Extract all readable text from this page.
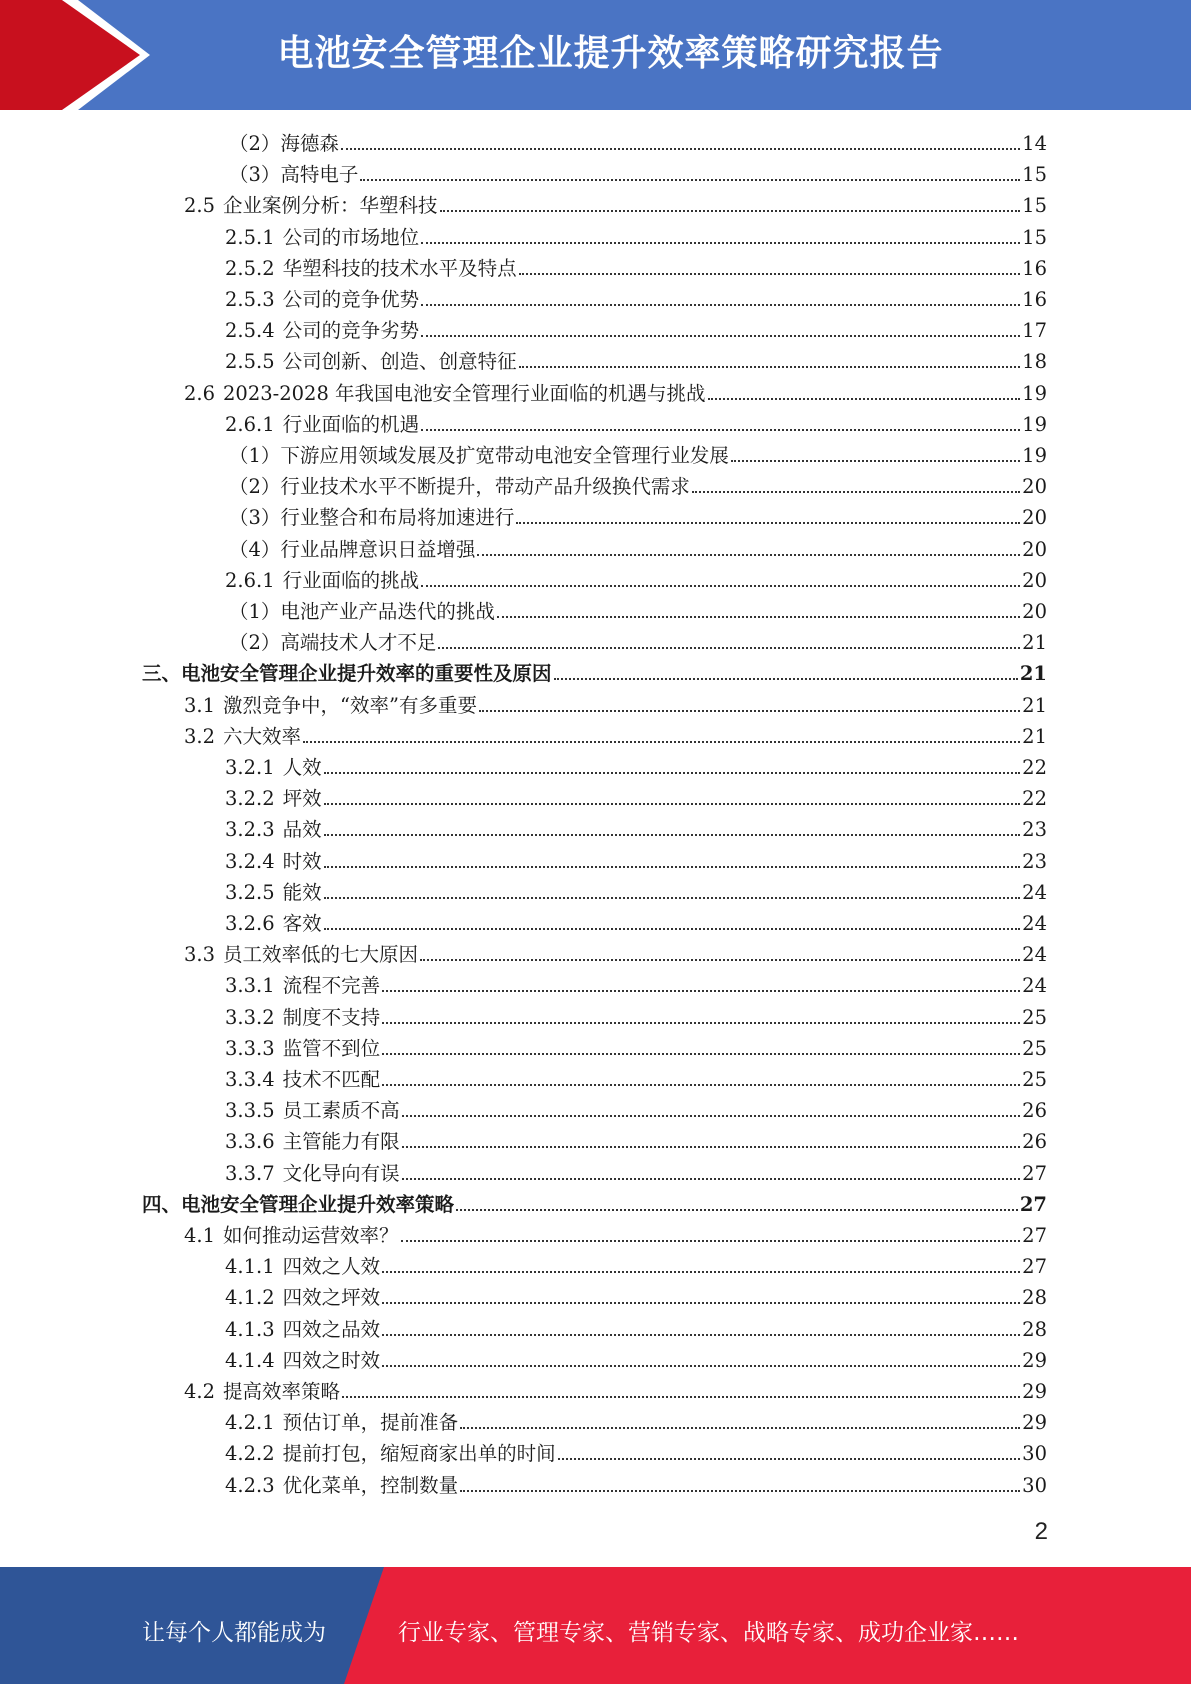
电池安全管理企业提升效率策略研究报告
（2）海德森	14
（3）高特电子	15
2.5 企业案例分析：华塑科技	15
2.5.1 公司的市场地位	15
2.5.2 华塑科技的技术水平及特点	16
2.5.3 公司的竞争优势	16
2.5.4 公司的竞争劣势	17
2.5.5 公司创新、创造、创意特征	18
2.6 2023-2028 年我国电池安全管理行业面临的机遇与挑战	19
2.6.1 行业面临的机遇	19
（1）下游应用领域发展及扩宽带动电池安全管理行业发展	19
（2）行业技术水平不断提升，带动产品升级换代需求	20
（3）行业整合和布局将加速进行	20
（4）行业品牌意识日益增强	20
2.6.1 行业面临的挑战	20
（1）电池产业产品迭代的挑战	20
（2）高端技术人才不足	21
三、电池安全管理企业提升效率的重要性及原因	21
3.1 激烈竞争中，“效率”有多重要	21
3.2 六大效率	21
3.2.1 人效	22
3.2.2 坪效	22
3.2.3 品效	23
3.2.4 时效	23
3.2.5 能效	24
3.2.6 客效	24
3.3 员工效率低的七大原因	24
3.3.1 流程不完善	24
3.3.2 制度不支持	25
3.3.3 监管不到位	25
3.3.4 技术不匹配	25
3.3.5 员工素质不高	26
3.3.6 主管能力有限	26
3.3.7 文化导向有误	27
四、电池安全管理企业提升效率策略	27
4.1 如何推动运营效率？	27
4.1.1 四效之人效	27
4.1.2 四效之坪效	28
4.1.3 四效之品效	28
4.1.4 四效之时效	29
4.2 提高效率策略	29
4.2.1 预估订单，提前准备	29
4.2.2 提前打包，缩短商家出单的时间	30
4.2.3 优化菜单，控制数量	30
2
让每个人都能成为	行业专家、管理专家、营销专家、战略专家、成功企业家……
